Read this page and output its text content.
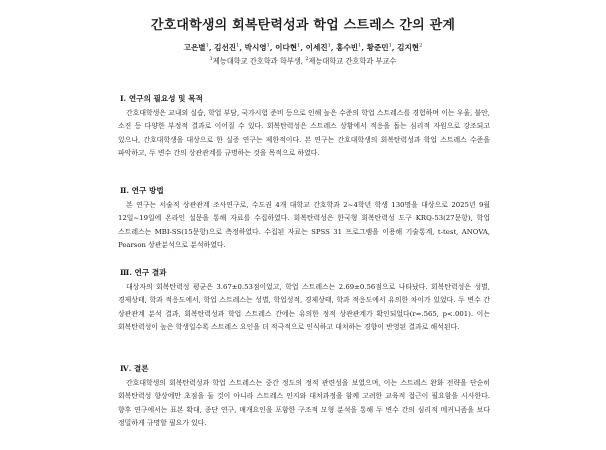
간호대학생의 회복탄력성과 학업 스트레스 간의 관계
고은별$^1$, 김선진$^1$, 박시영$^1$, 이다현$^1$, 이세진$^1$, 홍수빈$^1$, 황준민$^1$, 김지현$^2$
$^1$제능대학교 간호학과 학부생, $^2$제능대학교 간호학과 부교수
Ⅰ. 연구의 필요성 및 목적

간호대학생은 교내외 실습, 학업 부담, 국가시험 준비 등으로 인해 높은 수준의 학업 스트레스를 경험하며 이는 우울, 불안, 소진 등 다양한 부정적 결과로 이어질 수 있다. 회복탄력성은 스트레스 상황에서 적응을 돕는 심리적 자원으로 강조되고 있으나, 간호대학생을 대상으로 한 실증 연구는 제한적이다. 본 연구는 간호대학생의 회복탄력성과 학업 스트레스 수준을 파악하고, 두 변수 간의 상관관계를 규명하는 것을 목적으로 하였다.

Ⅱ. 연구 방법

본 연구는 서술적 상관관계 조사연구로, 수도권 4개 대학교 간호학과 2~4학년 학생 130명을 대상으로 2025년 9월 12일~19일에 온라인 설문을 통해 자료를 수집하였다. 회복탄력성은 한국형 회복탄력성 도구 KRQ-53(27문항), 학업 스트레스는 MBI-SS(15문항)으로 측정하였다. 수집된 자료는 SPSS 31 프로그램을 이용해 기술통계, t-test, ANOVA, Pearson 상관분석으로 분석하였다.

Ⅲ. 연구 결과

대상자의 회복탄력성 평균은 3.67±0.53점이었고, 학업 스트레스는 2.69±0.56점으로 나타났다. 회복탄력성은 성별, 경제상태, 학과 적응도에서, 학업 스트레스는 성별, 학업성적, 경제상태, 학과 적응도에서 유의한 차이가 있었다. 두 변수 간 상관관계 분석 결과, 회복탄력성과 학업 스트레스 간에는 유의한 정적 상관관계가 확인되었다(r=.565, p<.001). 이는 회복탄력성이 높은 학생일수록 스트레스 요인을 더 적극적으로 인식하고 대처하는 경향이 반영된 결과로 해석된다.

Ⅳ. 결론

간호대학생의 회복탄력성과 학업 스트레스는 중간 정도의 정적 관련성을 보였으며, 이는 스트레스 완화 전략을 단순히 회복탄력성 향상에만 초점을 둘 것이 아니라 스트레스 인지와 대처과정을 함께 고려한 교육적 접근이 필요함을 시사한다. 향후 연구에서는 표본 확대, 종단 연구, 매개요인을 포함한 구조적 모형 분석을 통해 두 변수 간의 심리적 메커니즘을 보다 정밀하게 규명할 필요가 있다.
